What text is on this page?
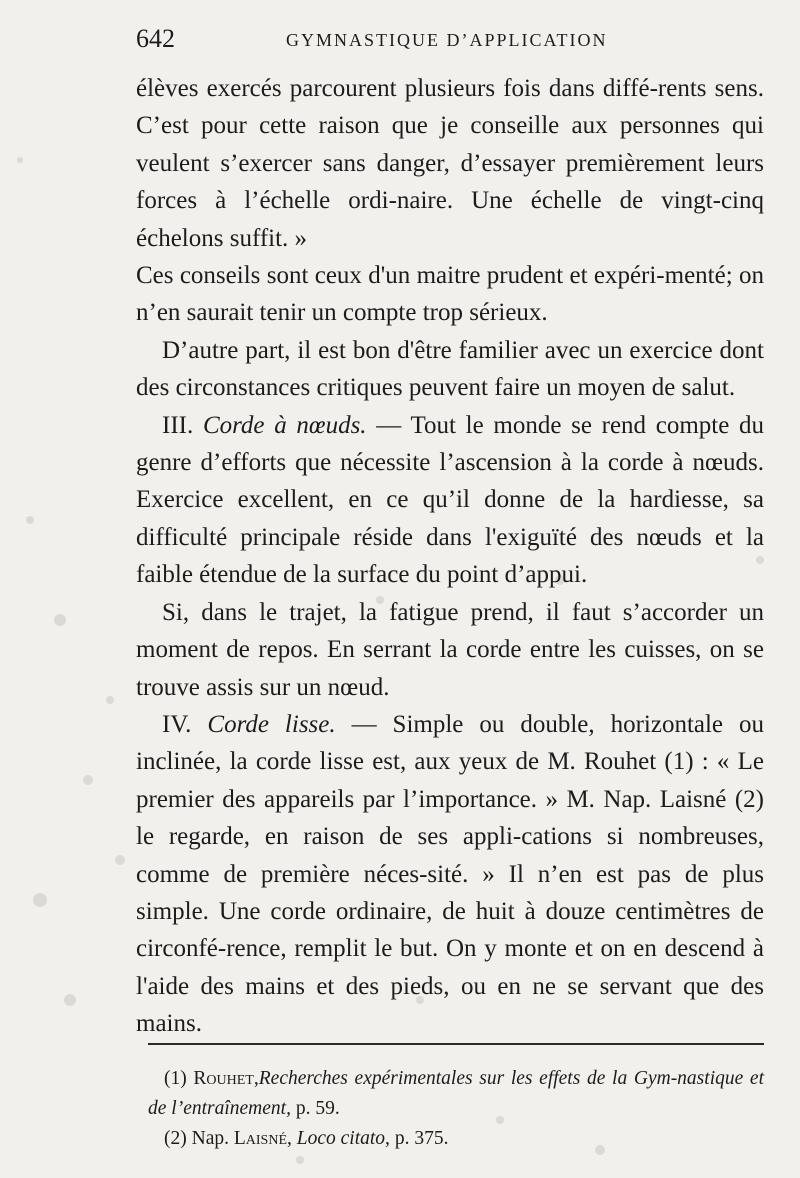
642	GYMNASTIQUE D’APPLICATION

élèves exercés parcourent plusieurs fois dans diffé-rents sens. C’est pour cette raison que je conseille aux personnes qui veulent s’exercer sans danger, d’essayer premièrement leurs forces à l’échelle ordi-naire. Une échelle de vingt-cinq échelons suffit. »

Ces conseils sont ceux d'un maitre prudent et expéri-menté; on n’en saurait tenir un compte trop sérieux.

D’autre part, il est bon d'être familier avec un exercice dont des circonstances critiques peuvent faire un moyen de salut.

III. Corde à nœuds. — Tout le monde se rend compte du genre d’efforts que nécessite l’ascension à la corde à nœuds. Exercice excellent, en ce qu’il donne de la hardiesse, sa difficulté principale réside dans l'exiguïté des nœuds et la faible étendue de la surface du point d’appui.

Si, dans le trajet, la fatigue prend, il faut s’accorder un moment de repos. En serrant la corde entre les cuisses, on se trouve assis sur un nœud.

IV. Corde lisse. — Simple ou double, horizontale ou inclinée, la corde lisse est, aux yeux de M. Rouhet (1) : « Le premier des appareils par l’importance. » M. Nap. Laisné (2) le regarde, en raison de ses appli-cations si nombreuses, comme de première néces-sité. » Il n’en est pas de plus simple. Une corde ordinaire, de huit à douze centimètres de circonfé-rence, remplit le but. On y monte et on en descend à l'aide des mains et des pieds, ou en ne se servant que des mains.

(1) Rouhet,Recherches expérimentales sur les effets de la Gym-nastique et de l’entraînement, p. 59.

(2) Nap. Laisné, Loco citato, p. 375.
